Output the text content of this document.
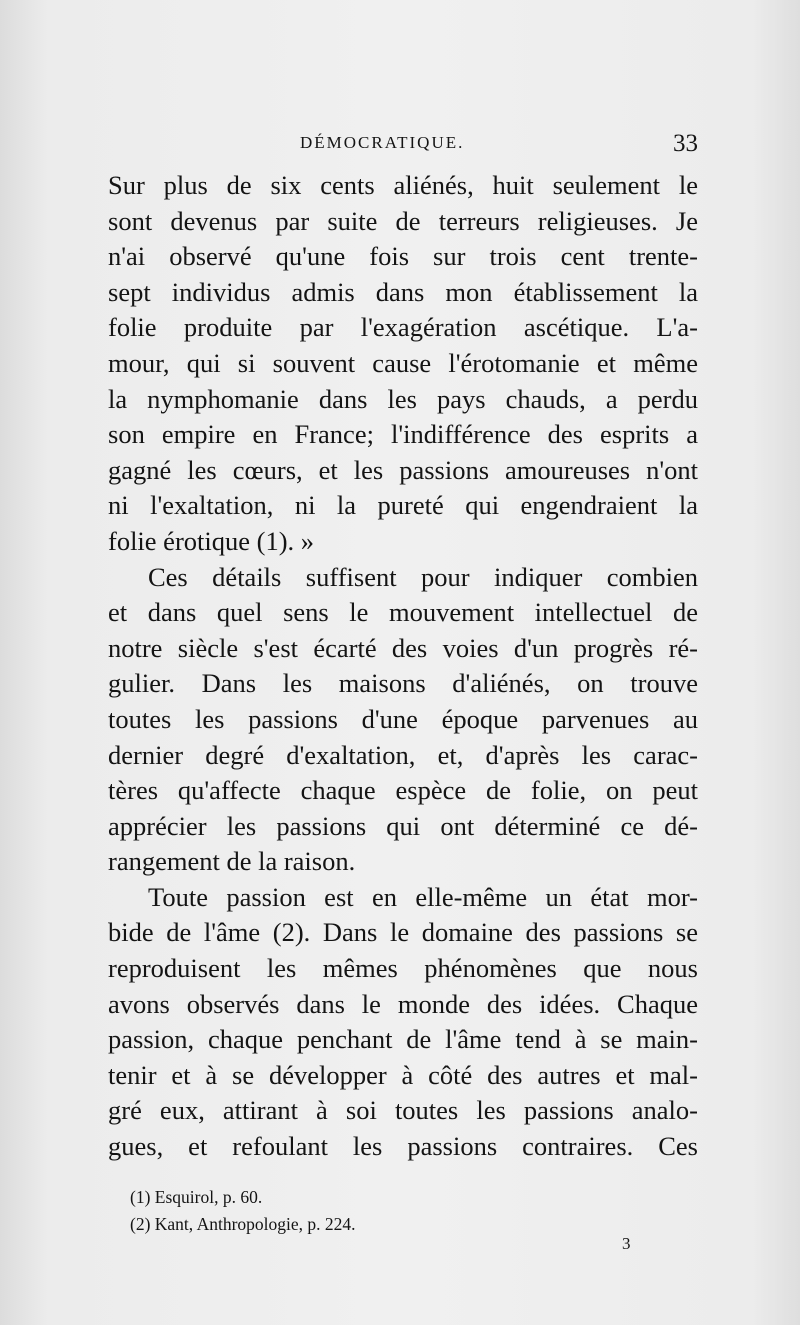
DÉMOCRATIQUE.	33
Sur plus de six cents aliénés, huit seulement le
sont devenus par suite de terreurs religieuses. Je
n'ai observé qu'une fois sur trois cent trente-
sept individus admis dans mon établissement la
folie produite par l'exagération ascétique. L'a-
mour, qui si souvent cause l'érotomanie et même
la nymphomanie dans les pays chauds, a perdu
son empire en France; l'indifférence des esprits a
gagné les cœurs, et les passions amoureuses n'ont
ni l'exaltation, ni la pureté qui engendraient la
folie érotique (1). »
Ces détails suffisent pour indiquer combien
et dans quel sens le mouvement intellectuel de
notre siècle s'est écarté des voies d'un progrès ré-
gulier. Dans les maisons d'aliénés, on trouve
toutes les passions d'une époque parvenues au
dernier degré d'exaltation, et, d'après les carac-
tères qu'affecte chaque espèce de folie, on peut
apprécier les passions qui ont déterminé ce dé-
rangement de la raison.
Toute passion est en elle-même un état mor-
bide de l'âme (2). Dans le domaine des passions se
reproduisent les mêmes phénomènes que nous
avons observés dans le monde des idées. Chaque
passion, chaque penchant de l'âme tend à se main-
tenir et à se développer à côté des autres et mal-
gré eux, attirant à soi toutes les passions analo-
gues, et refoulant les passions contraires. Ces
(1) Esquirol, p. 60.
(2) Kant, Anthropologie, p. 224.
3
